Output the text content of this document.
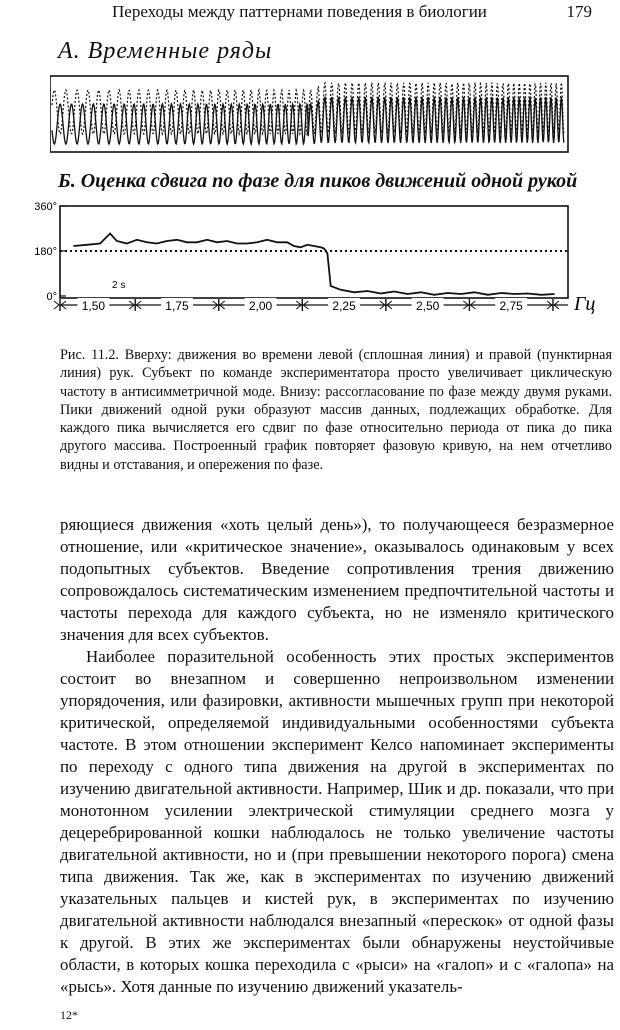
Переходы между паттернами поведения в биологии	179
А. Временные ряды
Б. Оценка сдвига по фазе для пиков движений одной рукой
360°
180°
0°
1,50	1,75	2,00	2,25	2,50	2,75
2 s
Гц

Рис. 11.2. Вверху: движения во времени левой (сплошная линия) и правой (пунктирная линия) рук. Субъект по команде экспериментатора просто увеличивает циклическую частоту в антисимметричной моде. Внизу: рассогласование по фазе между двумя руками. Пики движений одной руки образуют массив данных, подлежащих обработке. Для каждого пика вычисляется его сдвиг по фазе относительно периода от пика до пика другого массива. Построенный график повторяет фазовую кривую, на нем отчетливо видны и отставания, и опережения по фазе.

ряющиеся движения «хоть целый день»), то получающееся безразмерное отношение, или «критическое значение», оказывалось одинаковым у всех подопытных субъектов. Введение сопротивления трения движению сопровождалось систематическим изменением предпочтительной частоты и частоты перехода для каждого субъекта, но не изменяло критического значения для всех субъектов.

Наиболее поразительной особенность этих простых экспериментов состоит во внезапном и совершенно непроизвольном изменении упорядочения, или фазировки, активности мышечных групп при некоторой критической, определяемой индивидуальными особенностями субъекта частоте. В этом отношении эксперимент Келсо напоминает эксперименты по переходу с одного типа движения на другой в экспериментах по изучению двигательной активности. Например, Шик и др. показали, что при монотонном усилении электрической стимуляции среднего мозга у децеребрированной кошки наблюдалось не только увеличение частоты двигательной активности, но и (при превышении некоторого порога) смена типа движения. Так же, как в экспериментах по изучению движений указательных пальцев и кистей рук, в экспериментах по изучению двигательной активности наблюдался внезапный «перескок» от одной фазы к другой. В этих же экспериментах были обнаружены неустойчивые области, в которых кошка переходила с «рыси» на «галоп» и с «галопа» на «рысь». Хотя данные по изучению движений указатель-

12*
